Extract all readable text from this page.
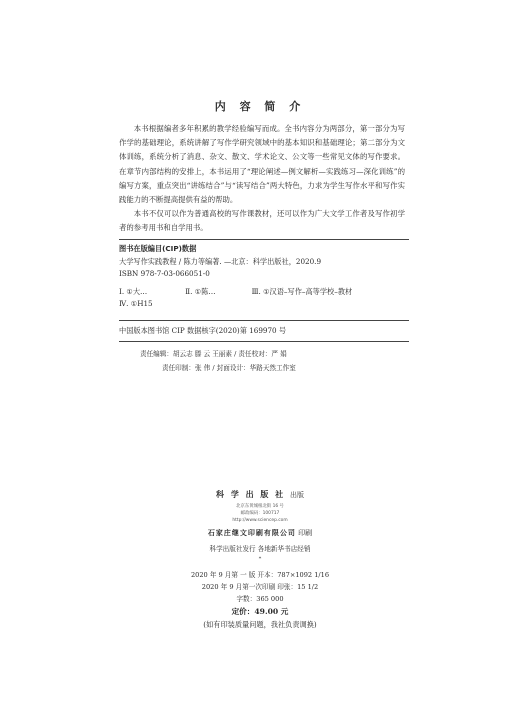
内 容 简 介

本书根据编者多年积累的教学经验编写而成。全书内容分为两部分，第一部分为写作学的基础理论，系统讲解了写作学研究领域中的基本知识和基础理论；第二部分为文体训练，系统分析了消息、杂文、散文、学术论文、公文等一些常见文体的写作要求。在章节内部结构的安排上，本书运用了“理论阐述—例文解析—实践练习—深化训练”的编写方案，重点突出“讲练结合”与“读写结合”两大特色，力求为学生写作水平和写作实践能力的不断提高提供有益的帮助。

本书不仅可以作为普通高校的写作课教材，还可以作为广大文学工作者及写作初学者的参考用书和自学用书。

图书在版编目(CIP)数据
大学写作实践教程 / 陈力等编著. —北京：科学出版社，2020.9
ISBN 978-7-03-066051-0
Ⅰ. ①大…	Ⅱ. ①陈…	Ⅲ. ①汉语–写作–高等学校–教材
Ⅳ. ①H15
中国版本图书馆 CIP 数据核字(2020)第 169970 号
责任编辑：胡云志 滕 云 王丽素 / 责任校对：严 娟
责任印制：张 伟 / 封面设计：华路天然工作室
科 学 出 版 社 出版
北京东黄城根北街 16 号
邮政编码：100717
http://www.sciencep.com
石家庄继文印刷有限公司 印刷
科学出版社发行 各地新华书店经销
*
2020 年 9 月第 一 版 开本：787×1092 1/16
2020 年 9 月第一次印刷 印张：15 1/2
字数：365 000
定价：49.00 元
(如有印装质量问题，我社负责调换)
